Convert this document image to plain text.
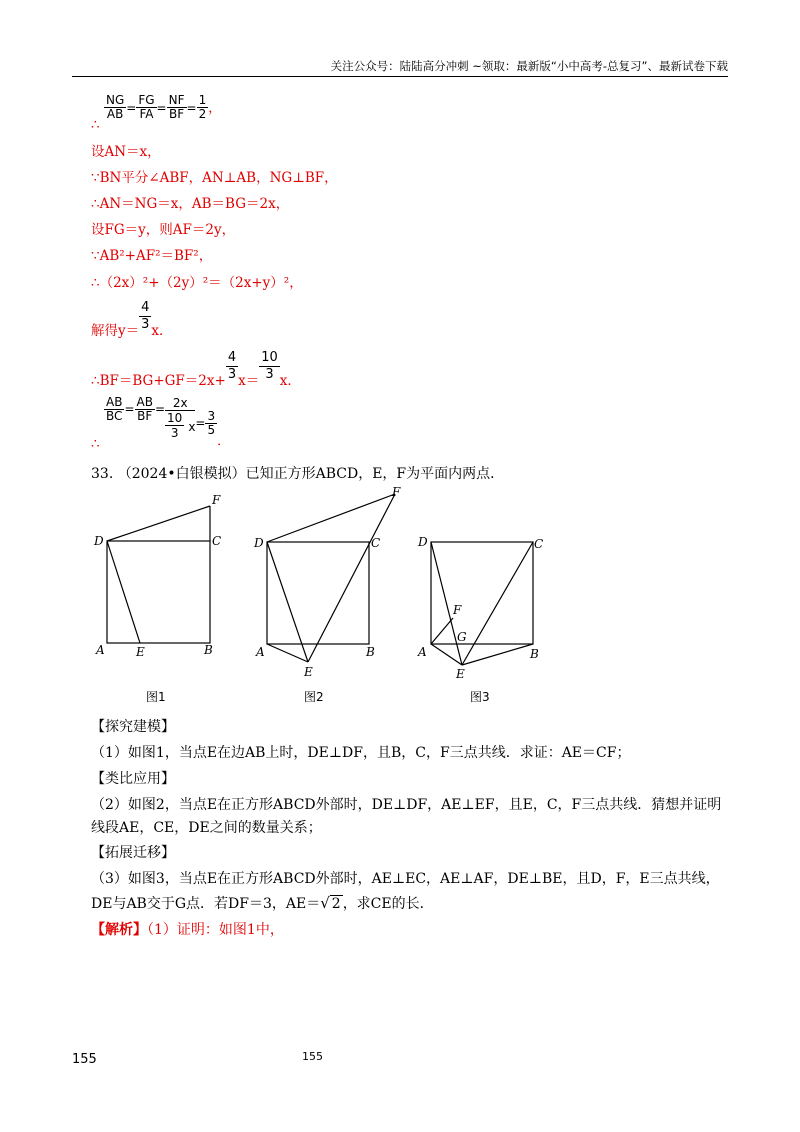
关注公众号：陆陆高分冲刺 ~领取：最新版“小中高考-总复习”、最新试卷下载
$\frac{NG}{AB} = \frac{FG}{FA} = \frac{NF}{BF} = \frac{1}{2}$ ，
∴
设AN＝x，
∵BN平分∠ABF，AN⊥AB，NG⊥BF，
∴AN＝NG＝x，AB＝BG＝2x，
设FG＝y，则AF＝2y，
∵AB²+AF²＝BF²，
∴（2x）²+（2y）²＝（2x+y）²，
$_{解得y=} \frac{4}{3} _{x.}$
$_{\therefore BF=BG+GF=2x+} \frac{4}{3} _{x=} \frac{10}{3} _{x.}$
$\frac{AB}{BC} ^= \frac{AB}{BF} ^=$ 2x
$\frac{10}{3} x_= \frac{3}{5}$
$_.$
∴
33. （2024•白银模拟）已知正方形ABCD，E，F为平面内两点．
D	C
F
A	E	B
图1
D	C
F
A
E
B
图2
D	C
F
G
A
E
B
图3
【探究建模】
（1）如图1，当点E在边AB上时，DE⊥DF，且B，C，F三点共线．求证：AE＝CF；
【类比应用】
（2）如图2，当点E在正方形ABCD外部时，DE⊥DF，AE⊥EF，且E，C，F三点共线．猜想并证明
线段AE，CE，DE之间的数量关系；
【拓展迁移】
（3）如图3，当点E在正方形ABCD外部时，AE⊥EC，AE⊥AF，DE⊥BE，且D，F，E三点共线，
DE与AB交于G点．若DF＝3，AE＝√ 2 ，求CE的长．
【解析】（1）证明：如图1中，
155	155
